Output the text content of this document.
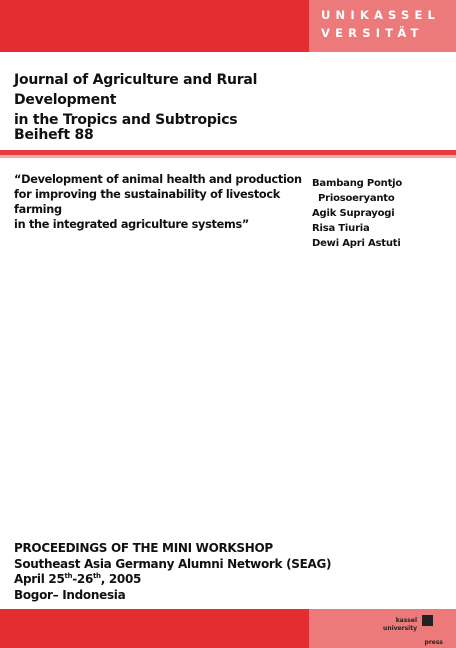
UNIKASSEL
VERSITÄT
Journal of Agriculture and Rural Development
in the Tropics and Subtropics
Beiheft 88
“Development of animal health and production
for improving the sustainability of livestock farming
in the integrated agriculture systems”
Bambang Pontjo
Priosoeryanto
Agik Suprayogi
Risa Tiuria
Dewi Apri Astuti
PROCEEDINGS OF THE MINI WORKSHOP
Southeast Asia Germany Alumni Network (SEAG)
April 25th-26th, 2005
Bogor– Indonesia
kassel
university
press
